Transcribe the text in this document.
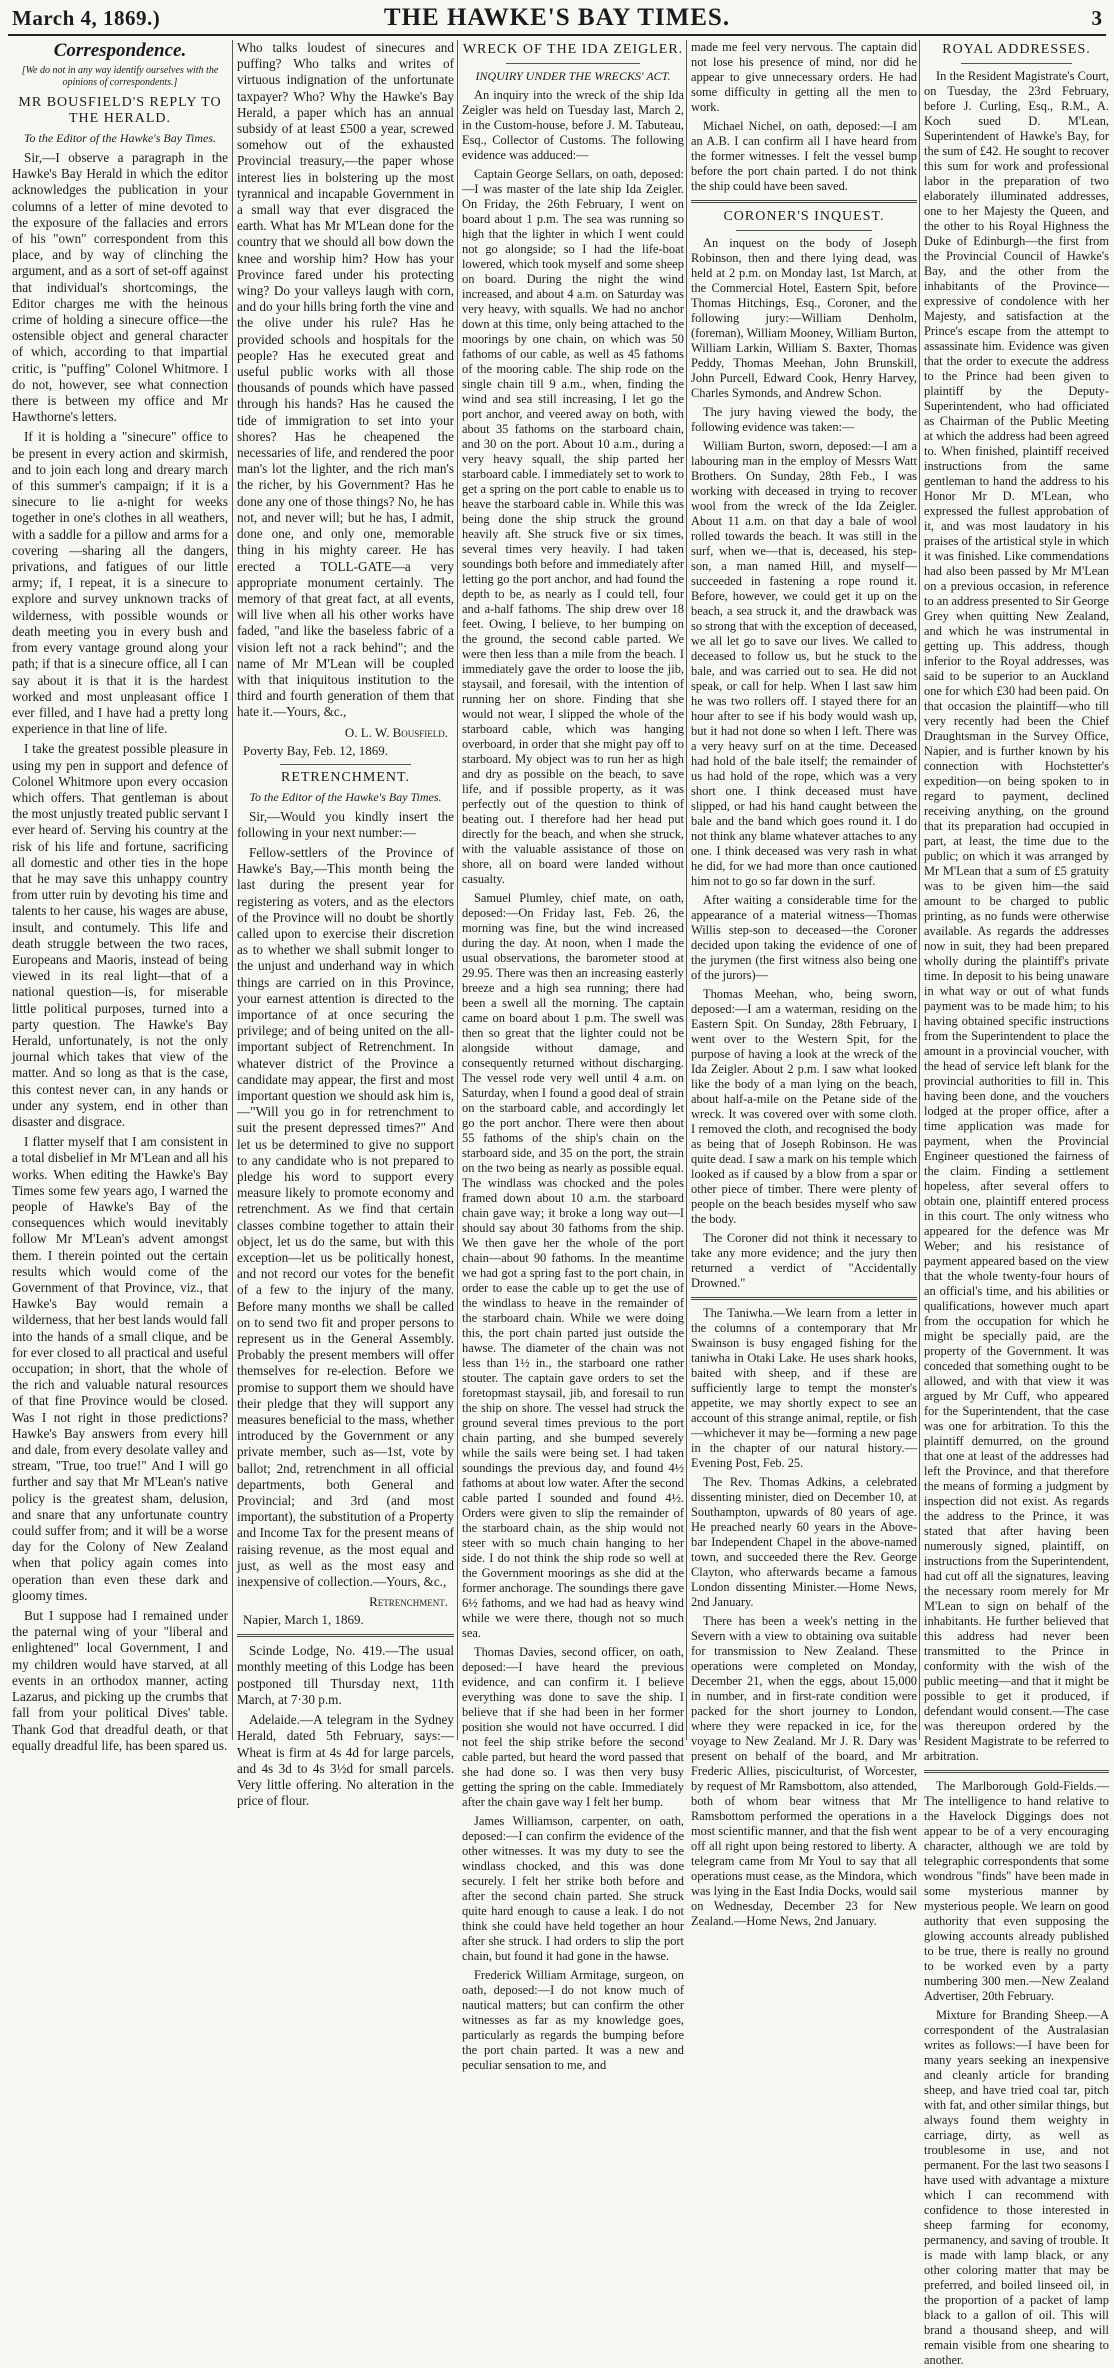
March 4, 1869.)	THE HAWKE'S BAY TIMES.	3
Correspondence.
[We do not in any way identify ourselves with the opinions of correspondents.]
MR BOUSFIELD'S REPLY TO THE HERALD.
To the Editor of the Hawke's Bay Times.

Sir,—I observe a paragraph in the Hawke's Bay Herald in which the editor acknowledges the publication in your columns of a letter of mine devoted to the exposure of the fallacies and errors of his "own" correspondent from this place, and by way of clinching the argument, and as a sort of set-off against that individual's shortcomings, the Editor charges me with the heinous crime of holding a sinecure office—the ostensible object and general character of which, according to that impartial critic, is "puffing" Colonel Whitmore. I do not, however, see what connection there is between my office and Mr Hawthorne's letters.

If it is holding a "sinecure" office to be present in every action and skirmish, and to join each long and dreary march of this summer's campaign; if it is a sinecure to lie a-night for weeks together in one's clothes in all weathers, with a saddle for a pillow and arms for a covering —sharing all the dangers, privations, and fatigues of our little army; if, I repeat, it is a sinecure to explore and survey unknown tracks of wilderness, with possible wounds or death meeting you in every bush and from every vantage ground along your path; if that is a sinecure office, all I can say about it is that it is the hardest worked and most unpleasant office I ever filled, and I have had a pretty long experience in that line of life.

I take the greatest possible pleasure in using my pen in support and defence of Colonel Whitmore upon every occasion which offers. That gentleman is about the most unjustly treated public servant I ever heard of. Serving his country at the risk of his life and fortune, sacrificing all domestic and other ties in the hope that he may save this unhappy country from utter ruin by devoting his time and talents to her cause, his wages are abuse, insult, and contumely. This life and death struggle between the two races, Europeans and Maoris, instead of being viewed in its real light—that of a national question—is, for miserable little political purposes, turned into a party question. The Hawke's Bay Herald, unfortunately, is not the only journal which takes that view of the matter. And so long as that is the case, this contest never can, in any hands or under any system, end in other than disaster and disgrace.

I flatter myself that I am consistent in a total disbelief in Mr M'Lean and all his works. When editing the Hawke's Bay Times some few years ago, I warned the people of Hawke's Bay of the consequences which would inevitably follow Mr M'Lean's advent amongst them. I therein pointed out the certain results which would come of the Government of that Province, viz., that Hawke's Bay would remain a wilderness, that her best lands would fall into the hands of a small clique, and be for ever closed to all practical and useful occupation; in short, that the whole of the rich and valuable natural resources of that fine Province would be closed. Was I not right in those predictions? Hawke's Bay answers from every hill and dale, from every desolate valley and stream, "True, too true!" And I will go further and say that Mr M'Lean's native policy is the greatest sham, delusion, and snare that any unfortunate country could suffer from; and it will be a worse day for the Colony of New Zealand when that policy again comes into operation than even these dark and gloomy times.

But I suppose had I remained under the paternal wing of your "liberal and enlightened" local Government, I and my children would have starved, at all events in an orthodox manner, acting Lazarus, and picking up the crumbs that fall from your political Dives' table. Thank God that dreadful death, or that equally dreadful life, has been spared us.

Who talks loudest of sinecures and puffing? Who talks and writes of virtuous indignation of the unfortunate taxpayer? Who? Why the Hawke's Bay Herald, a paper which has an annual subsidy of at least £500 a year, screwed somehow out of the exhausted Provincial treasury,—the paper whose interest lies in bolstering up the most tyrannical and incapable Government in a small way that ever disgraced the earth. What has Mr M'Lean done for the country that we should all bow down the knee and worship him? How has your Province fared under his protecting wing? Do your valleys laugh with corn, and do your hills bring forth the vine and the olive under his rule? Has he provided schools and hospitals for the people? Has he executed great and useful public works with all those thousands of pounds which have passed through his hands? Has he caused the tide of immigration to set into your shores? Has he cheapened the necessaries of life, and rendered the poor man's lot the lighter, and the rich man's the richer, by his Government? Has he done any one of those things? No, he has not, and never will; but he has, I admit, done one, and only one, memorable thing in his mighty career. He has erected a TOLL-GATE—a very appropriate monument certainly. The memory of that great fact, at all events, will live when all his other works have faded, "and like the baseless fabric of a vision left not a rack behind"; and the name of Mr M'Lean will be coupled with that iniquitous institution to the third and fourth generation of them that hate it.—Yours, &c.,

O. L. W. Bousfield.
Poverty Bay, Feb. 12, 1869.
RETRENCHMENT.
To the Editor of the Hawke's Bay Times.

Sir,—Would you kindly insert the following in your next number:—

Fellow-settlers of the Province of Hawke's Bay,—This month being the last during the present year for registering as voters, and as the electors of the Province will no doubt be shortly called upon to exercise their discretion as to whether we shall submit longer to the unjust and underhand way in which things are carried on in this Province, your earnest attention is directed to the importance of at once securing the privilege; and of being united on the all-important subject of Retrenchment. In whatever district of the Province a candidate may appear, the first and most important question we should ask him is,—"Will you go in for retrenchment to suit the present depressed times?" And let us be determined to give no support to any candidate who is not prepared to pledge his word to support every measure likely to promote economy and retrenchment. As we find that certain classes combine together to attain their object, let us do the same, but with this exception—let us be politically honest, and not record our votes for the benefit of a few to the injury of the many. Before many months we shall be called on to send two fit and proper persons to represent us in the General Assembly. Probably the present members will offer themselves for re-election. Before we promise to support them we should have their pledge that they will support any measures beneficial to the mass, whether introduced by the Government or any private member, such as—1st, vote by ballot; 2nd, retrenchment in all official departments, both General and Provincial; and 3rd (and most important), the substitution of a Property and Income Tax for the present means of raising revenue, as the most equal and just, as well as the most easy and inexpensive of collection.—Yours, &c.,

Retrenchment.
Napier, March 1, 1869.

Scinde Lodge, No. 419.—The usual monthly meeting of this Lodge has been postponed till Thursday next, 11th March, at 7·30 p.m.

Adelaide.—A telegram in the Sydney Herald, dated 5th February, says:—Wheat is firm at 4s 4d for large parcels, and 4s 3d to 4s 3½d for small parcels. Very little offering. No alteration in the price of flour.

WRECK OF THE IDA ZEIGLER.
INQUIRY UNDER THE WRECKS' ACT.

An inquiry into the wreck of the ship Ida Zeigler was held on Tuesday last, March 2, in the Custom-house, before J. M. Tabuteau, Esq., Collector of Customs. The following evidence was adduced:—

Captain George Sellars, on oath, deposed:—I was master of the late ship Ida Zeigler. On Friday, the 26th February, I went on board about 1 p.m. The sea was running so high that the lighter in which I went could not go alongside; so I had the life-boat lowered, which took myself and some sheep on board. During the night the wind increased, and about 4 a.m. on Saturday was very heavy, with squalls. We had no anchor down at this time, only being attached to the moorings by one chain, on which was 50 fathoms of our cable, as well as 45 fathoms of the mooring cable. The ship rode on the single chain till 9 a.m., when, finding the wind and sea still increasing, I let go the port anchor, and veered away on both, with about 35 fathoms on the starboard chain, and 30 on the port. About 10 a.m., during a very heavy squall, the ship parted her starboard cable. I immediately set to work to get a spring on the port cable to enable us to heave the starboard cable in. While this was being done the ship struck the ground heavily aft. She struck five or six times, several times very heavily. I had taken soundings both before and immediately after letting go the port anchor, and had found the depth to be, as nearly as I could tell, four and a-half fathoms. The ship drew over 18 feet. Owing, I believe, to her bumping on the ground, the second cable parted. We were then less than a mile from the beach. I immediately gave the order to loose the jib, staysail, and foresail, with the intention of running her on shore. Finding that she would not wear, I slipped the whole of the starboard cable, which was hanging overboard, in order that she might pay off to starboard. My object was to run her as high and dry as possible on the beach, to save life, and if possible property, as it was perfectly out of the question to think of beating out. I therefore had her head put directly for the beach, and when she struck, with the valuable assistance of those on shore, all on board were landed without casualty.

Samuel Plumley, chief mate, on oath, deposed:—On Friday last, Feb. 26, the morning was fine, but the wind increased during the day. At noon, when I made the usual observations, the barometer stood at 29.95. There was then an increasing easterly breeze and a high sea running; there had been a swell all the morning. The captain came on board about 1 p.m. The swell was then so great that the lighter could not be alongside without damage, and consequently returned without discharging. The vessel rode very well until 4 a.m. on Saturday, when I found a good deal of strain on the starboard cable, and accordingly let go the port anchor. There were then about 55 fathoms of the ship's chain on the starboard side, and 35 on the port, the strain on the two being as nearly as possible equal. The windlass was chocked and the poles framed down about 10 a.m. the starboard chain gave way; it broke a long way out—I should say about 30 fathoms from the ship. We then gave her the whole of the port chain—about 90 fathoms. In the meantime we had got a spring fast to the port chain, in order to ease the cable up to get the use of the windlass to heave in the remainder of the starboard chain. While we were doing this, the port chain parted just outside the hawse. The diameter of the chain was not less than 1½ in., the starboard one rather stouter. The captain gave orders to set the foretopmast staysail, jib, and foresail to run the ship on shore. The vessel had struck the ground several times previous to the port chain parting, and she bumped severely while the sails were being set. I had taken soundings the previous day, and found 4½ fathoms at about low water. After the second cable parted I sounded and found 4½. Orders were given to slip the remainder of the starboard chain, as the ship would not steer with so much chain hanging to her side. I do not think the ship rode so well at the Government moorings as she did at the former anchorage. The soundings there gave 6½ fathoms, and we had had as heavy wind while we were there, though not so much sea.

Thomas Davies, second officer, on oath, deposed:—I have heard the previous evidence, and can confirm it. I believe everything was done to save the ship. I believe that if she had been in her former position she would not have occurred. I did not feel the ship strike before the second cable parted, but heard the word passed that she had done so. I was then very busy getting the spring on the cable. Immediately after the chain gave way I felt her bump.

James Williamson, carpenter, on oath, deposed:—I can confirm the evidence of the other witnesses. It was my duty to see the windlass chocked, and this was done securely. I felt her strike both before and after the second chain parted. She struck quite hard enough to cause a leak. I do not think she could have held together an hour after she struck. I had orders to slip the port chain, but found it had gone in the hawse.

Frederick William Armitage, surgeon, on oath, deposed:—I do not know much of nautical matters; but can confirm the other witnesses as far as my knowledge goes, particularly as regards the bumping before the port chain parted. It was a new and peculiar sensation to me, and

made me feel very nervous. The captain did not lose his presence of mind, nor did he appear to give unnecessary orders. He had some difficulty in getting all the men to work.

Michael Nichel, on oath, deposed:—I am an A.B. I can confirm all I have heard from the former witnesses. I felt the vessel bump before the port chain parted. I do not think the ship could have been saved.

CORONER'S INQUEST.

An inquest on the body of Joseph Robinson, then and there lying dead, was held at 2 p.m. on Monday last, 1st March, at the Commercial Hotel, Eastern Spit, before Thomas Hitchings, Esq., Coroner, and the following jury:—William Denholm, (foreman), William Mooney, William Burton, William Larkin, William S. Baxter, Thomas Peddy, Thomas Meehan, John Brunskill, John Purcell, Edward Cook, Henry Harvey, Charles Symonds, and Andrew Schon.

The jury having viewed the body, the following evidence was taken:—

William Burton, sworn, deposed:—I am a labouring man in the employ of Messrs Watt Brothers. On Sunday, 28th Feb., I was working with deceased in trying to recover wool from the wreck of the Ida Zeigler. About 11 a.m. on that day a bale of wool rolled towards the beach. It was still in the surf, when we—that is, deceased, his step-son, a man named Hill, and myself—succeeded in fastening a rope round it. Before, however, we could get it up on the beach, a sea struck it, and the drawback was so strong that with the exception of deceased, we all let go to save our lives. We called to deceased to follow us, but he stuck to the bale, and was carried out to sea. He did not speak, or call for help. When I last saw him he was two rollers off. I stayed there for an hour after to see if his body would wash up, but it had not done so when I left. There was a very heavy surf on at the time. Deceased had hold of the bale itself; the remainder of us had hold of the rope, which was a very short one. I think deceased must have slipped, or had his hand caught between the bale and the band which goes round it. I do not think any blame whatever attaches to any one. I think deceased was very rash in what he did, for we had more than once cautioned him not to go so far down in the surf.

After waiting a considerable time for the appearance of a material witness—Thomas Willis step-son to deceased—the Coroner decided upon taking the evidence of one of the jurymen (the first witness also being one of the jurors)—

Thomas Meehan, who, being sworn, deposed:—I am a waterman, residing on the Eastern Spit. On Sunday, 28th February, I went over to the Western Spit, for the purpose of having a look at the wreck of the Ida Zeigler. About 2 p.m. I saw what looked like the body of a man lying on the beach, about half-a-mile on the Petane side of the wreck. It was covered over with some cloth. I removed the cloth, and recognised the body as being that of Joseph Robinson. He was quite dead. I saw a mark on his temple which looked as if caused by a blow from a spar or other piece of timber. There were plenty of people on the beach besides myself who saw the body.

The Coroner did not think it necessary to take any more evidence; and the jury then returned a verdict of "Accidentally Drowned."

The Taniwha.—We learn from a letter in the columns of a contemporary that Mr Swainson is busy engaged fishing for the taniwha in Otaki Lake. He uses shark hooks, baited with sheep, and if these are sufficiently large to tempt the monster's appetite, we may shortly expect to see an account of this strange animal, reptile, or fish—whichever it may be—forming a new page in the chapter of our natural history.—Evening Post, Feb. 25.

The Rev. Thomas Adkins, a celebrated dissenting minister, died on December 10, at Southampton, upwards of 80 years of age. He preached nearly 60 years in the Above-bar Independent Chapel in the above-named town, and succeeded there the Rev. George Clayton, who afterwards became a famous London dissenting Minister.—Home News, 2nd January.

There has been a week's netting in the Severn with a view to obtaining ova suitable for transmission to New Zealand. These operations were completed on Monday, December 21, when the eggs, about 15,000 in number, and in first-rate condition were packed for the short journey to London, where they were repacked in ice, for the voyage to New Zealand. Mr J. R. Dary was present on behalf of the board, and Mr Frederic Allies, pisciculturist, of Worcester, by request of Mr Ramsbottom, also attended, both of whom bear witness that Mr Ramsbottom performed the operations in a most scientific manner, and that the fish went off all right upon being restored to liberty. A telegram came from Mr Youl to say that all operations must cease, as the Mindora, which was lying in the East India Docks, would sail on Wednesday, December 23 for New Zealand.—Home News, 2nd January.

ROYAL ADDRESSES.

In the Resident Magistrate's Court, on Tuesday, the 23rd February, before J. Curling, Esq., R.M., A. Koch sued D. M'Lean, Superintendent of Hawke's Bay, for the sum of £42. He sought to recover this sum for work and professional labor in the preparation of two elaborately illuminated addresses, one to her Majesty the Queen, and the other to his Royal Highness the Duke of Edinburgh—the first from the Provincial Council of Hawke's Bay, and the other from the inhabitants of the Province—expressive of condolence with her Majesty, and satisfaction at the Prince's escape from the attempt to assassinate him. Evidence was given that the order to execute the address to the Prince had been given to plaintiff by the Deputy-Superintendent, who had officiated as Chairman of the Public Meeting at which the address had been agreed to. When finished, plaintiff received instructions from the same gentleman to hand the address to his Honor Mr D. M'Lean, who expressed the fullest approbation of it, and was most laudatory in his praises of the artistical style in which it was finished. Like commendations had also been passed by Mr M'Lean on a previous occasion, in reference to an address presented to Sir George Grey when quitting New Zealand, and which he was instrumental in getting up. This address, though inferior to the Royal addresses, was said to be superior to an Auckland one for which £30 had been paid. On that occasion the plaintiff—who till very recently had been the Chief Draughtsman in the Survey Office, Napier, and is further known by his connection with Hochstetter's expedition—on being spoken to in regard to payment, declined receiving anything, on the ground that its preparation had occupied in part, at least, the time due to the public; on which it was arranged by Mr M'Lean that a sum of £5 gratuity was to be given him—the said amount to be charged to public printing, as no funds were otherwise available. As regards the addresses now in suit, they had been prepared wholly during the plaintiff's private time. In deposit to his being unaware in what way or out of what funds payment was to be made him; to his having obtained specific instructions from the Superintendent to place the amount in a provincial voucher, with the head of service left blank for the provincial authorities to fill in. This having been done, and the vouchers lodged at the proper office, after a time application was made for payment, when the Provincial Engineer questioned the fairness of the claim. Finding a settlement hopeless, after several offers to obtain one, plaintiff entered process in this court. The only witness who appeared for the defence was Mr Weber; and his resistance of payment appeared based on the view that the whole twenty-four hours of an official's time, and his abilities or qualifications, however much apart from the occupation for which he might be specially paid, are the property of the Government. It was conceded that something ought to be allowed, and with that view it was argued by Mr Cuff, who appeared for the Superintendent, that the case was one for arbitration. To this the plaintiff demurred, on the ground that one at least of the addresses had left the Province, and that therefore the means of forming a judgment by inspection did not exist. As regards the address to the Prince, it was stated that after having been numerously signed, plaintiff, on instructions from the Superintendent, had cut off all the signatures, leaving the necessary room merely for Mr M'Lean to sign on behalf of the inhabitants. He further believed that this address had never been transmitted to the Prince in conformity with the wish of the public meeting—and that it might be possible to get it produced, if defendant would consent.—The case was thereupon ordered by the Resident Magistrate to be referred to arbitration.

The Marlborough Gold-Fields.—The intelligence to hand relative to the Havelock Diggings does not appear to be of a very encouraging character, although we are told by telegraphic correspondents that some wondrous "finds" have been made in some mysterious manner by mysterious people. We learn on good authority that even supposing the glowing accounts already published to be true, there is really no ground to be worked even by a party numbering 300 men.—New Zealand Advertiser, 20th February.

Mixture for Branding Sheep.—A correspondent of the Australasian writes as follows:—I have been for many years seeking an inexpensive and cleanly article for branding sheep, and have tried coal tar, pitch with fat, and other similar things, but always found them weighty in carriage, dirty, as well as troublesome in use, and not permanent. For the last two seasons I have used with advantage a mixture which I can recommend with confidence to those interested in sheep farming for economy, permanency, and saving of trouble. It is made with lamp black, or any other coloring matter that may be preferred, and boiled linseed oil, in the proportion of a packet of lamp black to a gallon of oil. This will brand a thousand sheep, and will remain visible from one shearing to another.
